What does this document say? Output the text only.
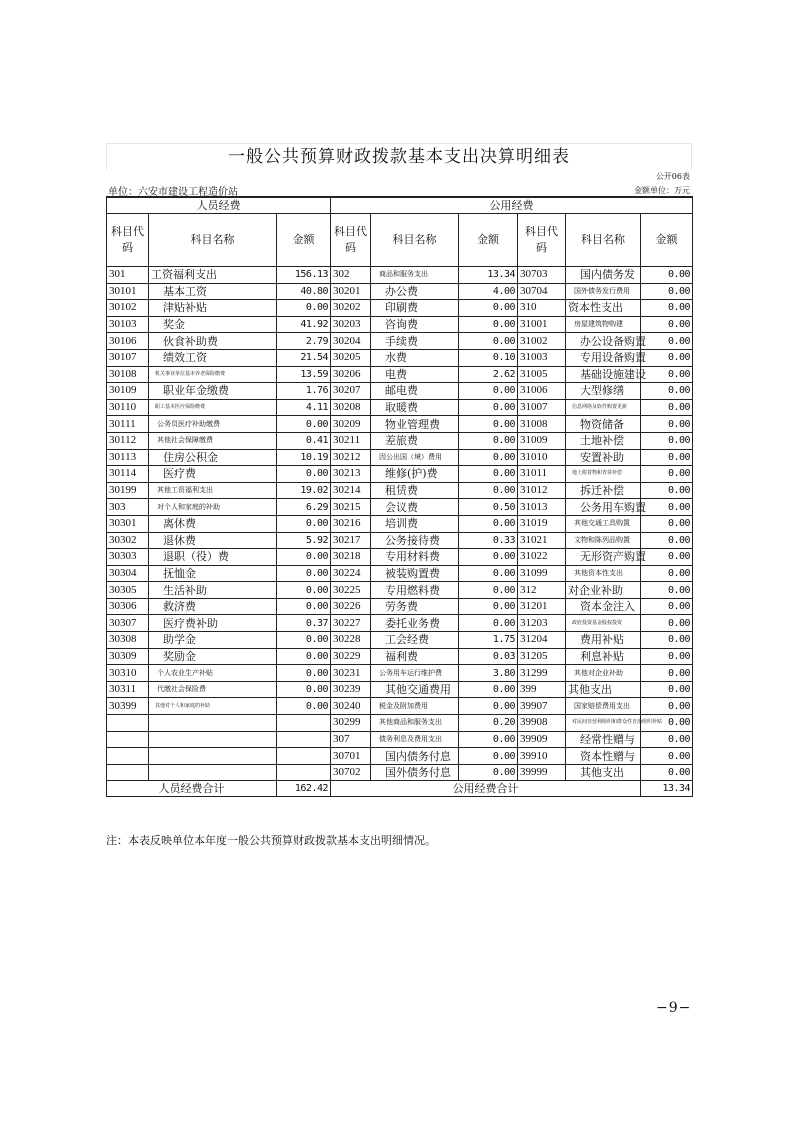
一般公共预算财政拨款基本支出决算明细表
公开06表
单位：六安市建设工程造价站	金额单位：万元
人员经费			公用经费					
科目代码	科目名称	金额	科目代码	科目名称	金额	科目代码	科目名称	金额
301	工资福利支出	156.13	302	商品和服务支出	13.34	30703	国内债务发	0.00
30101	基本工资	40.80	30201	办公费	4.00	30704	国外债务发行费用	0.00
30102	津贴补贴	0.00	30202	印刷费	0.00	310	资本性支出	0.00
30103	奖金	41.92	30203	咨询费	0.00	31001	房屋建筑物购建	0.00
30106	伙食补助费	2.79	30204	手续费	0.00	31002	办公设备购置	0.00
30107	绩效工资	21.54	30205	水费	0.10	31003	专用设备购置	0.00
30108	机关事业单位基本养老保险缴费	13.59	30206	电费	2.62	31005	基础设施建设	0.00
30109	职业年金缴费	1.76	30207	邮电费	0.00	31006	大型修缮	0.00
30110	职工基本医疗保险缴费	4.11	30208	取暖费	0.00	31007	信息网络及软件购置更新	0.00
30111	公务员医疗补助缴费	0.00	30209	物业管理费	0.00	31008	物资储备	0.00
30112	其他社会保障缴费	0.41	30211	差旅费	0.00	31009	土地补偿	0.00
30113	住房公积金	10.19	30212	因公出国（境）费用	0.00	31010	安置补助	0.00
30114	医疗费	0.00	30213	维修(护)费	0.00	31011	地上附着物和青苗补偿	0.00
30199	其他工资福利支出	19.02	30214	租赁费	0.00	31012	拆迁补偿	0.00
303	对个人和家庭的补助	6.29	30215	会议费	0.50	31013	公务用车购置	0.00
30301	离休费	0.00	30216	培训费	0.00	31019	其他交通工具购置	0.00
30302	退休费	5.92	30217	公务接待费	0.33	31021	文物和陈列品购置	0.00
30303	退职（役）费	0.00	30218	专用材料费	0.00	31022	无形资产购置	0.00
30304	抚恤金	0.00	30224	被装购置费	0.00	31099	其他资本性支出	0.00
30305	生活补助	0.00	30225	专用燃料费	0.00	312	对企业补助	0.00
30306	救济费	0.00	30226	劳务费	0.00	31201	资本金注入	0.00
30307	医疗费补助	0.37	30227	委托业务费	0.00	31203	政府投资基金股权投资	0.00
30308	助学金	0.00	30228	工会经费	1.75	31204	费用补贴	0.00
30309	奖励金	0.00	30229	福利费	0.03	31205	利息补贴	0.00
30310	个人农业生产补贴	0.00	30231	公务用车运行维护费	3.80	31299	其他对企业补助	0.00
30311	代缴社会保险费	0.00	30239	其他交通费用	0.00	399	其他支出	0.00
30399	其他对个人和家庭的补助	0.00	30240	税金及附加费用	0.00	39907	国家赔偿费用支出	0.00
			30299	其他商品和服务支出	0.20	39908	对民间非营利组织和群众性自治组织补贴	0.00
			307	债务利息及费用支出	0.00	39909	经常性赠与	0.00
			30701	国内债务付息	0.00	39910	资本性赠与	0.00
			30702	国外债务付息	0.00	39999	其他支出	0.00
人员经费合计		162.42	公用经费合计					13.34
注：本表反映单位本年度一般公共预算财政拨款基本支出明细情况。
−9−
